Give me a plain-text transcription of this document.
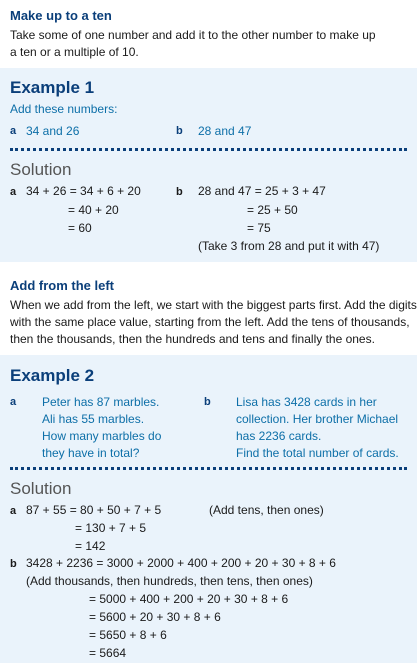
Make up to a ten
Take some of one number and add it to the other number to make up
a ten or a multiple of 10.
Example 1
Add these numbers:
a 34 and 26	b 28 and 47
Solution
a 34 + 26 = 34 + 6 + 20
= 40 + 20
= 60
b 28 and 47 = 25 + 3 + 47
= 25 + 50
= 75
(Take 3 from 28 and put it with 47)
Add from the left
When we add from the left, we start with the biggest parts first. Add the digits
with the same place value, starting from the left. Add the tens of thousands,
then the thousands, then the hundreds and tens and finally the ones.
Example 2
a Peter has 87 marbles.
Ali has 55 marbles.
How many marbles do
they have in total?
b Lisa has 3428 cards in her
collection. Her brother Michael
has 2236 cards.
Find the total number of cards.
Solution
a 87 + 55 = 80 + 50 + 7 + 5	(Add tens, then ones)
= 130 + 7 + 5
= 142
b 3428 + 2236 = 3000 + 2000 + 400 + 200 + 20 + 30 + 8 + 6
(Add thousands, then hundreds, then tens, then ones)
= 5000 + 400 + 200 + 20 + 30 + 8 + 6
= 5600 + 20 + 30 + 8 + 6
= 5650 + 8 + 6
= 5664
